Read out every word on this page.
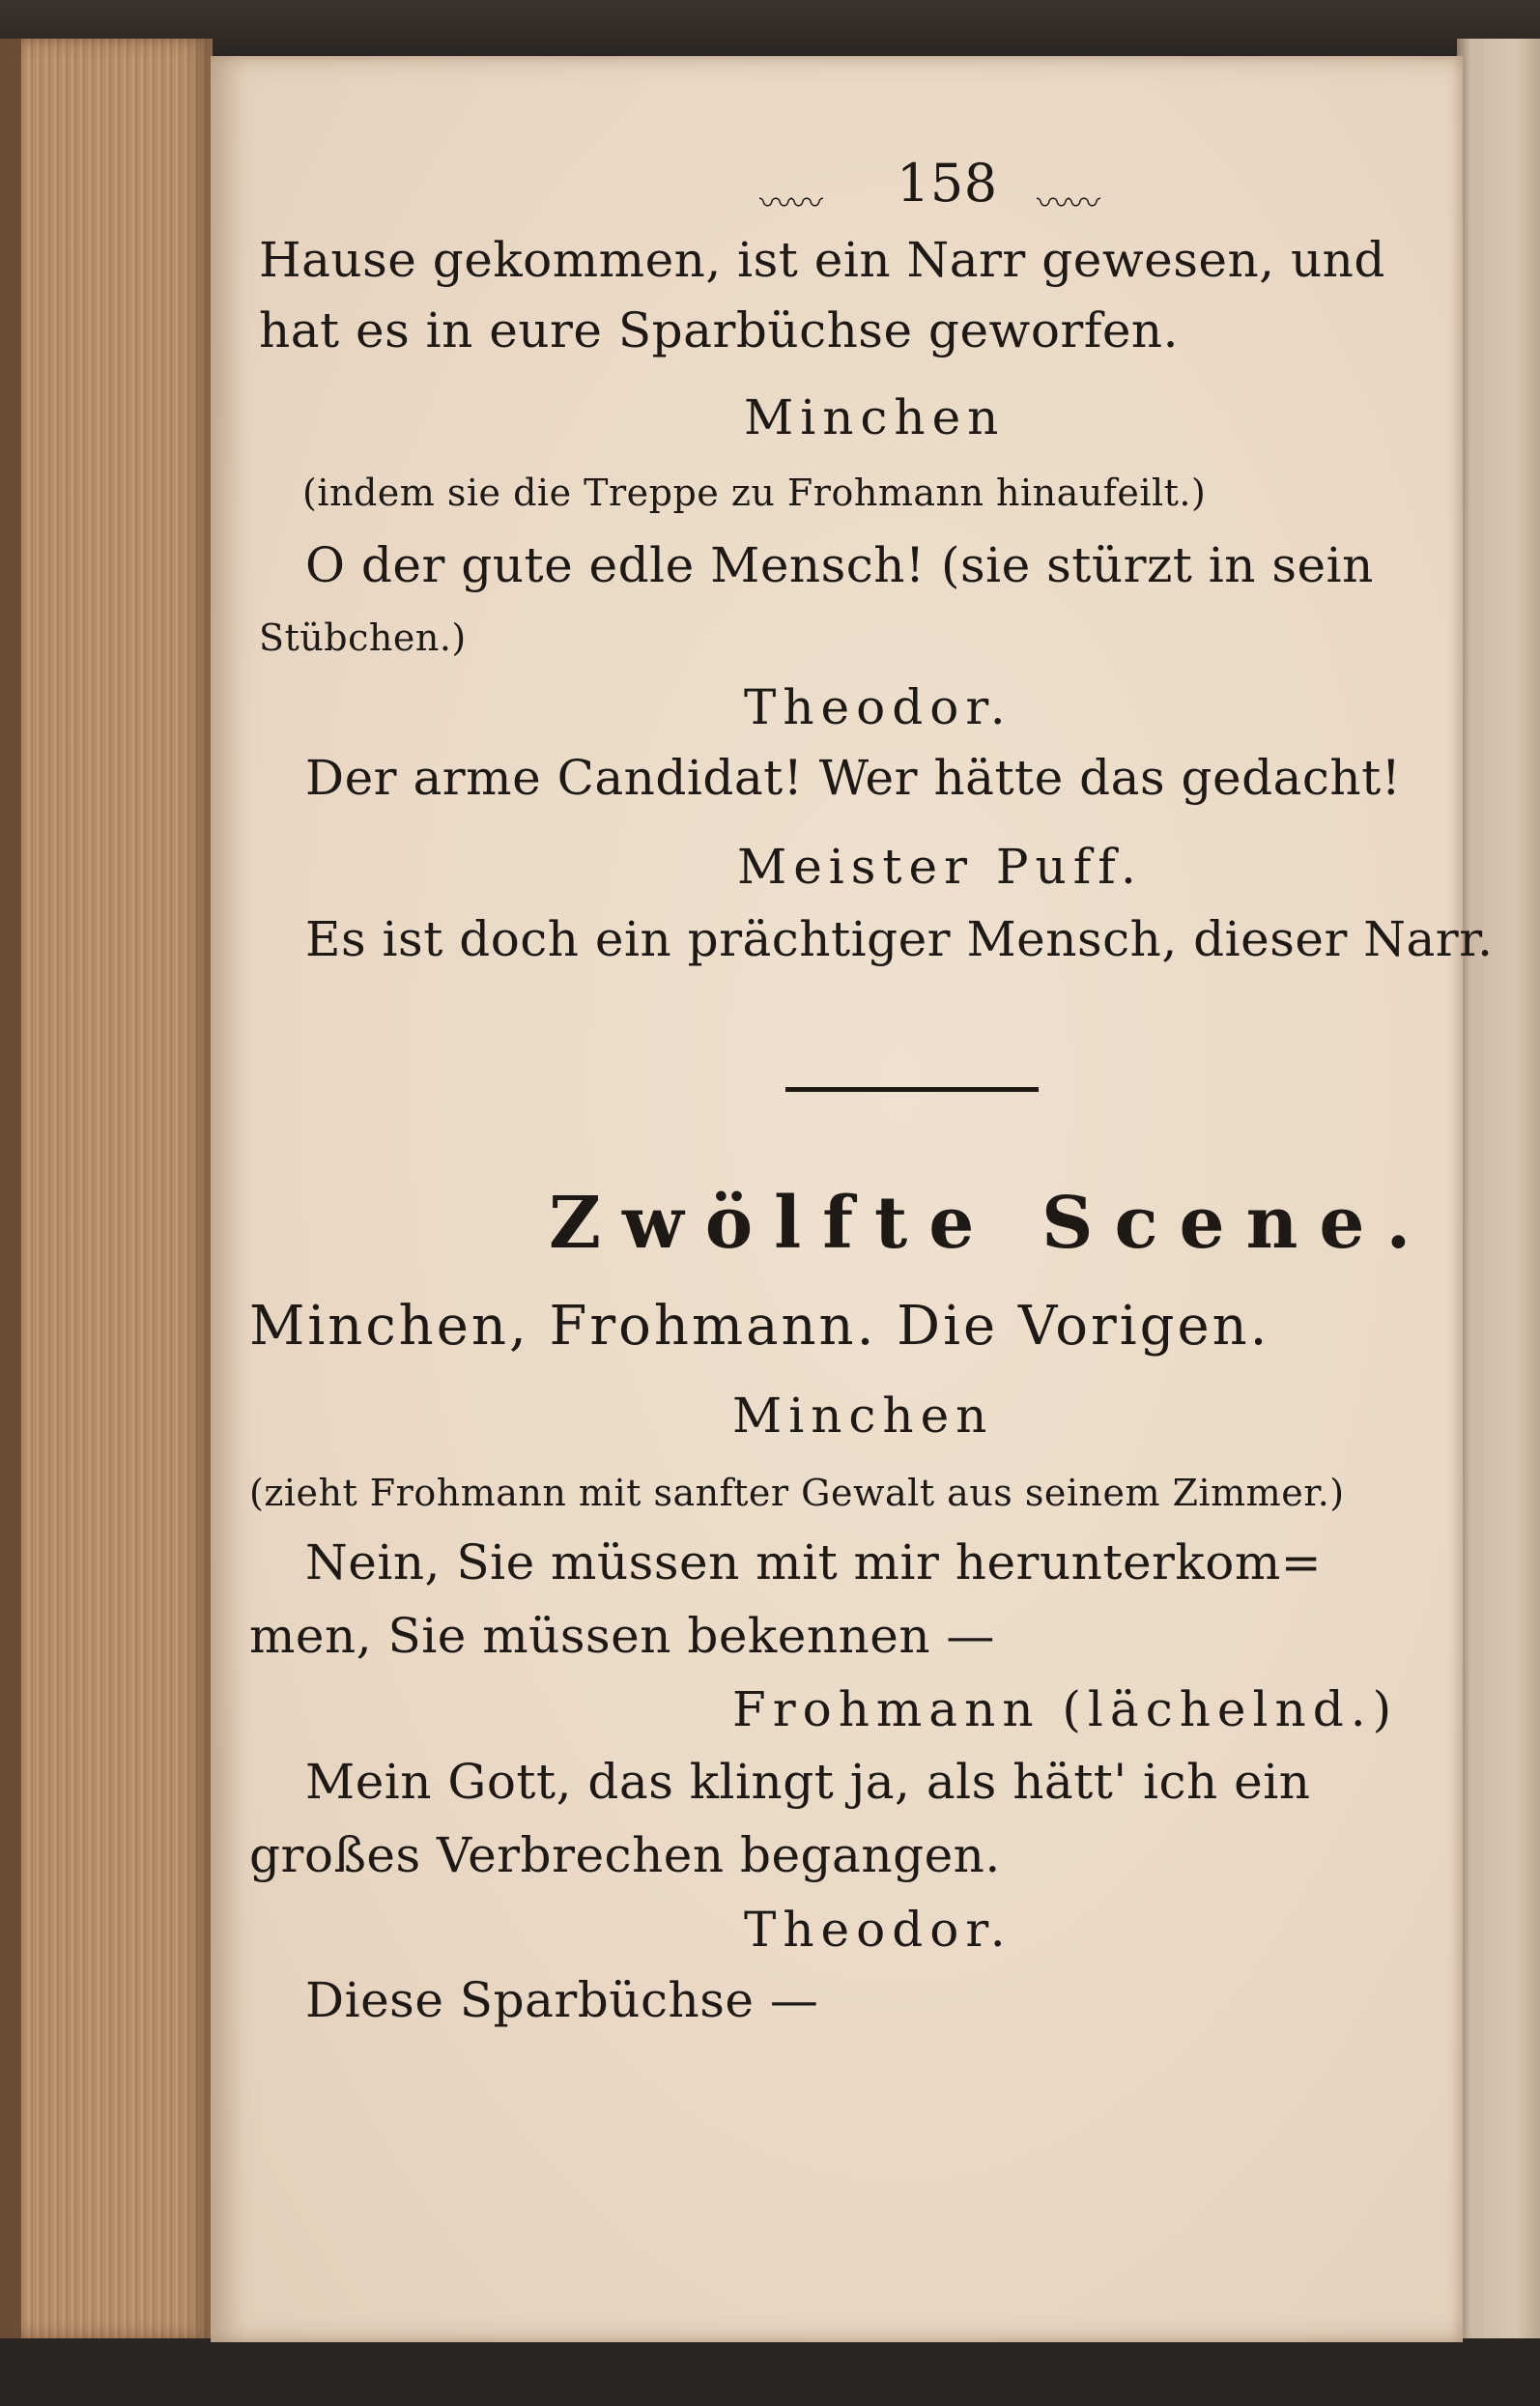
〰〰 158 〰〰
Hause gekommen, ist ein Narr gewesen, und
hat es in eure Sparbüchse geworfen.
Minchen
(indem sie die Treppe zu Frohmann hinaufeilt.)
O der gute edle Mensch! (sie stürzt in sein
Stübchen.)
Theodor.
Der arme Candidat! Wer hätte das gedacht!
Meister Puff.
Es ist doch ein prächtiger Mensch, dieser Narr.
Zwölfte Scene.
Minchen, Frohmann. Die Vorigen.
Minchen
(zieht Frohmann mit sanfter Gewalt aus seinem Zimmer.)
Nein, Sie müssen mit mir herunterkom=
men, Sie müssen bekennen —
Frohmann (lächelnd.)
Mein Gott, das klingt ja, als hätt' ich ein
großes Verbrechen begangen.
Theodor.
Diese Sparbüchse —
